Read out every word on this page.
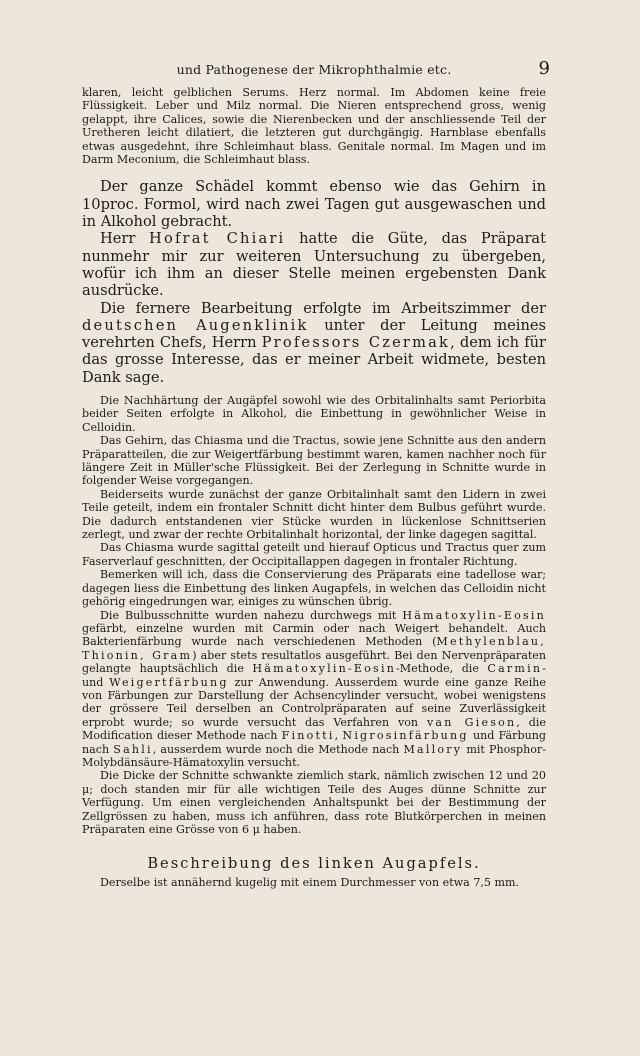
und Pathogenese der Mikrophthalmie etc.	9

klaren, leicht gelblichen Serums. Herz normal. Im Abdomen keine freie Flüssigkeit. Leber und Milz normal. Die Nieren entsprechend gross, wenig gelappt, ihre Calices, sowie die Nierenbecken und der anschliessende Teil der Uretheren leicht dilatiert, die letzteren gut durchgängig. Harnblase ebenfalls etwas ausgedehnt, ihre Schleimhaut blass. Genitale normal. Im Magen und im Darm Meconium, die Schleimhaut blass.

Der ganze Schädel kommt ebenso wie das Gehirn in 10proc. Formol, wird nach zwei Tagen gut ausgewaschen und in Alkohol gebracht.

Herr Hofrat Chiari hatte die Güte, das Präparat nunmehr mir zur weiteren Untersuchung zu übergeben, wofür ich ihm an dieser Stelle meinen ergebensten Dank ausdrücke.

Die fernere Bearbeitung erfolgte im Arbeitszimmer der deutschen Augenklinik unter der Leitung meines verehrten Chefs, Herrn Professors Czermak, dem ich für das grosse Interesse, das er meiner Arbeit widmete, besten Dank sage.

Die Nachhärtung der Augäpfel sowohl wie des Orbitalinhalts samt Periorbita beider Seiten erfolgte in Alkohol, die Einbettung in gewöhnlicher Weise in Celloidin.

Das Gehirn, das Chiasma und die Tractus, sowie jene Schnitte aus den andern Präparatteilen, die zur Weigertfärbung bestimmt waren, kamen nachher noch für längere Zeit in Müller'sche Flüssigkeit. Bei der Zerlegung in Schnitte wurde in folgender Weise vorgegangen.

Beiderseits wurde zunächst der ganze Orbitalinhalt samt den Lidern in zwei Teile geteilt, indem ein frontaler Schnitt dicht hinter dem Bulbus geführt wurde. Die dadurch entstandenen vier Stücke wurden in lückenlose Schnittserien zerlegt, und zwar der rechte Orbitalinhalt horizontal, der linke dagegen sagittal.

Das Chiasma wurde sagittal geteilt und hierauf Opticus und Tractus quer zum Faserverlauf geschnitten, der Occipitallappen dagegen in frontaler Richtung.

Bemerken will ich, dass die Conservierung des Präparats eine tadellose war; dagegen liess die Einbettung des linken Augapfels, in welchen das Celloidin nicht gehörig eingedrungen war, einiges zu wünschen übrig.

Die Bulbusschnitte wurden nahezu durchwegs mit Hämatoxylin-Eosin gefärbt, einzelne wurden mit Carmin oder nach Weigert behandelt. Auch Bakterienfärbung wurde nach verschiedenen Methoden (Methylenblau, Thionin, Gram) aber stets resultatlos ausgeführt. Bei den Nervenpräparaten gelangte hauptsächlich die Hämatoxylin-Eosin-Methode, die Carmin- und Weigertfärbung zur Anwendung. Ausserdem wurde eine ganze Reihe von Färbungen zur Darstellung der Achsencylinder versucht, wobei wenigstens der grössere Teil derselben an Controlpräparaten auf seine Zuverlässigkeit erprobt wurde; so wurde versucht das Verfahren von van Gieson, die Modification dieser Methode nach Finotti, Nigrosinfärbung und Färbung nach Sahli, ausserdem wurde noch die Methode nach Mallory mit Phosphor-Molybdänsäure-Hämatoxylin versucht.

Die Dicke der Schnitte schwankte ziemlich stark, nämlich zwischen 12 und 20 μ; doch standen mir für alle wichtigen Teile des Auges dünne Schnitte zur Verfügung. Um einen vergleichenden Anhaltspunkt bei der Bestimmung der Zellgrössen zu haben, muss ich anführen, dass rote Blutkörperchen in meinen Präparaten eine Grösse von 6 μ haben.

Beschreibung des linken Augapfels.

Derselbe ist annähernd kugelig mit einem Durchmesser von etwa 7,5 mm.
